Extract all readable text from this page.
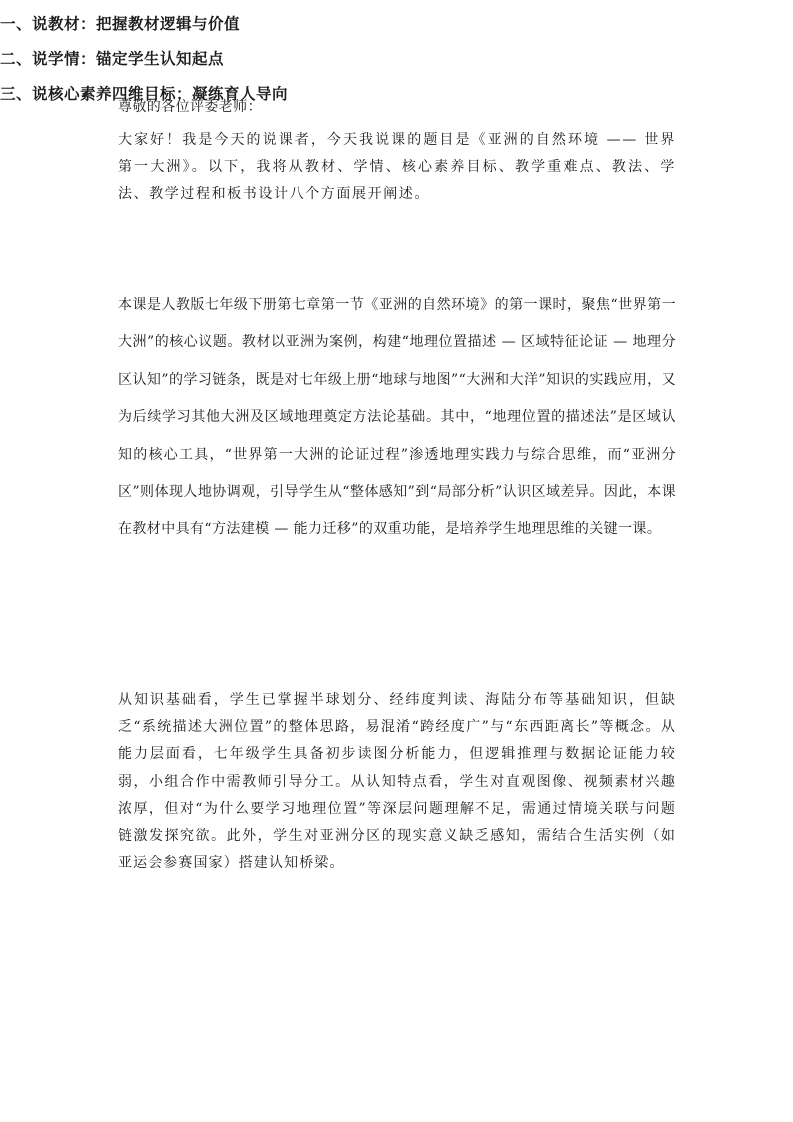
尊敬的各位评委老师：

大家好！我是今天的说课者，今天我说课的题目是《亚洲的自然环境 —— 世界第一大洲》。以下，我将从教材、学情、核心素养目标、教学重难点、教法、学法、教学过程和板书设计八个方面展开阐述。

一、说教材：把握教材逻辑与价值

本课是人教版七年级下册第七章第一节《亚洲的自然环境》的第一课时，聚焦“世界第一大洲”的核心议题。教材以亚洲为案例，构建“地理位置描述 — 区域特征论证 — 地理分区认知”的学习链条，既是对七年级上册“地球与地图”“大洲和大洋”知识的实践应用，又为后续学习其他大洲及区域地理奠定方法论基础。其中，“地理位置的描述法”是区域认知的核心工具，“世界第一大洲的论证过程”渗透地理实践力与综合思维，而“亚洲分区”则体现人地协调观，引导学生从“整体感知”到“局部分析”认识区域差异。因此，本课在教材中具有“方法建模 — 能力迁移”的双重功能，是培养学生地理思维的关键一课。

二、说学情：锚定学生认知起点

从知识基础看，学生已掌握半球划分、经纬度判读、海陆分布等基础知识，但缺乏“系统描述大洲位置”的整体思路，易混淆“跨经度广”与“东西距离长”等概念。从能力层面看，七年级学生具备初步读图分析能力，但逻辑推理与数据论证能力较弱，小组合作中需教师引导分工。从认知特点看，学生对直观图像、视频素材兴趣浓厚，但对“为什么要学习地理位置”等深层问题理解不足，需通过情境关联与问题链激发探究欲。此外，学生对亚洲分区的现实意义缺乏感知，需结合生活实例（如亚运会参赛国家）搭建认知桥梁。

三、说核心素养四维目标：凝练育人导向
